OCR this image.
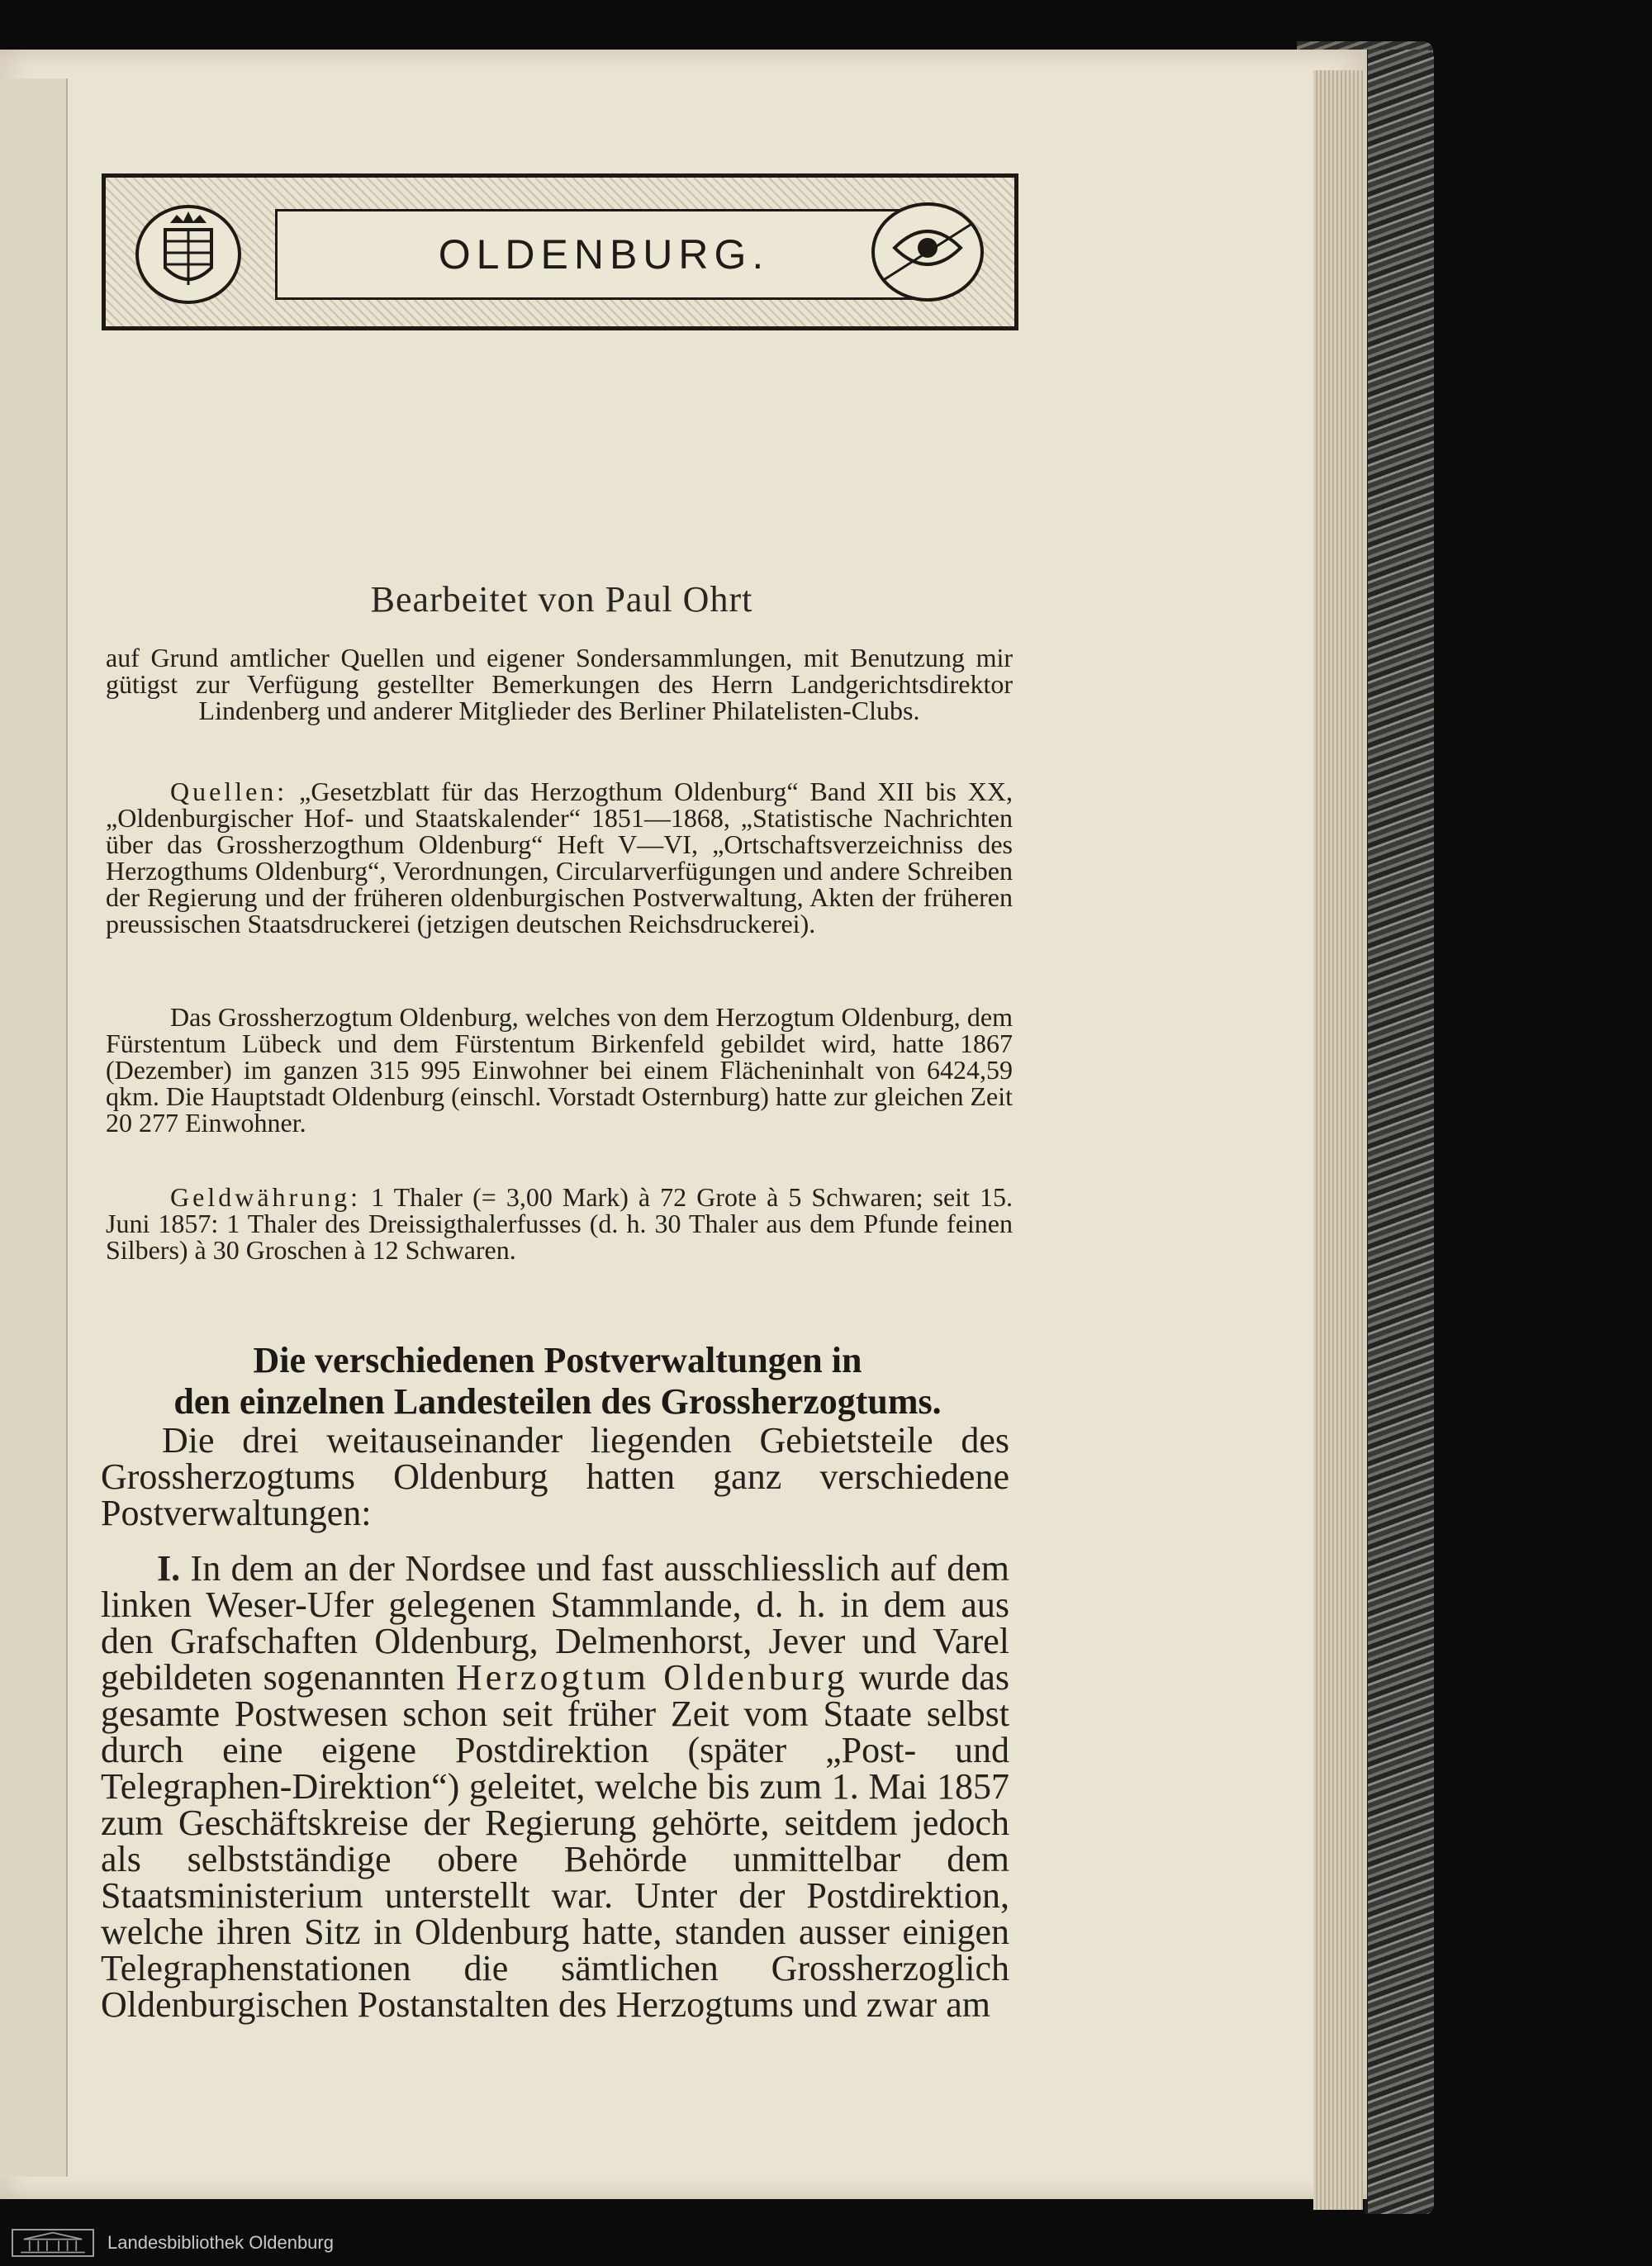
OLDENBURG.
Bearbeitet von Paul Ohrt
auf Grund amtlicher Quellen und eigener Sondersammlungen, mit Benutzung mir gütigst zur Verfügung gestellter Bemerkungen des Herrn Landgerichtsdirektor Lindenberg und anderer Mitglieder des Berliner Philatelisten-Clubs.
Quellen: „Gesetzblatt für das Herzogthum Oldenburg“ Band XII bis XX, „Oldenburgischer Hof- und Staatskalender“ 1851—1868, „Statistische Nachrichten über das Grossherzogthum Oldenburg“ Heft V—VI, „Ortschaftsverzeichniss des Herzogthums Oldenburg“, Verordnungen, Circularverfügungen und andere Schreiben der Regierung und der früheren oldenburgischen Postverwaltung, Akten der früheren preussischen Staatsdruckerei (jetzigen deutschen Reichsdruckerei).
Das Grossherzogtum Oldenburg, welches von dem Herzogtum Oldenburg, dem Fürstentum Lübeck und dem Fürstentum Birkenfeld gebildet wird, hatte 1867 (Dezember) im ganzen 315 995 Einwohner bei einem Flächeninhalt von 6424,59 qkm. Die Hauptstadt Oldenburg (einschl. Vorstadt Osternburg) hatte zur gleichen Zeit 20 277 Einwohner.
Geldwährung: 1 Thaler (= 3,00 Mark) à 72 Grote à 5 Schwaren; seit 15. Juni 1857: 1 Thaler des Dreissigthalerfusses (d. h. 30 Thaler aus dem Pfunde feinen Silbers) à 30 Groschen à 12 Schwaren.
Die verschiedenen Postverwaltungen in
den einzelnen Landesteilen des Grossherzogtums.
Die drei weitauseinander liegenden Gebietsteile des Grossherzogtums Oldenburg hatten ganz verschiedene Postverwaltungen:
I. In dem an der Nordsee und fast ausschliesslich auf dem linken Weser-Ufer gelegenen Stammlande, d. h. in dem aus den Grafschaften Oldenburg, Delmenhorst, Jever und Varel gebildeten sogenannten Herzogtum Oldenburg wurde das gesamte Postwesen schon seit früher Zeit vom Staate selbst durch eine eigene Postdirektion (später „Post- und Telegraphen-Direktion“) geleitet, welche bis zum 1. Mai 1857 zum Geschäftskreise der Regierung gehörte, seitdem jedoch als selbstständige obere Behörde unmittelbar dem Staatsministerium unterstellt war. Unter der Postdirektion, welche ihren Sitz in Oldenburg hatte, standen ausser einigen Telegraphenstationen die sämtlichen Grossherzoglich Oldenburgischen Postanstalten des Herzogtums und zwar am
Landesbibliothek Oldenburg
